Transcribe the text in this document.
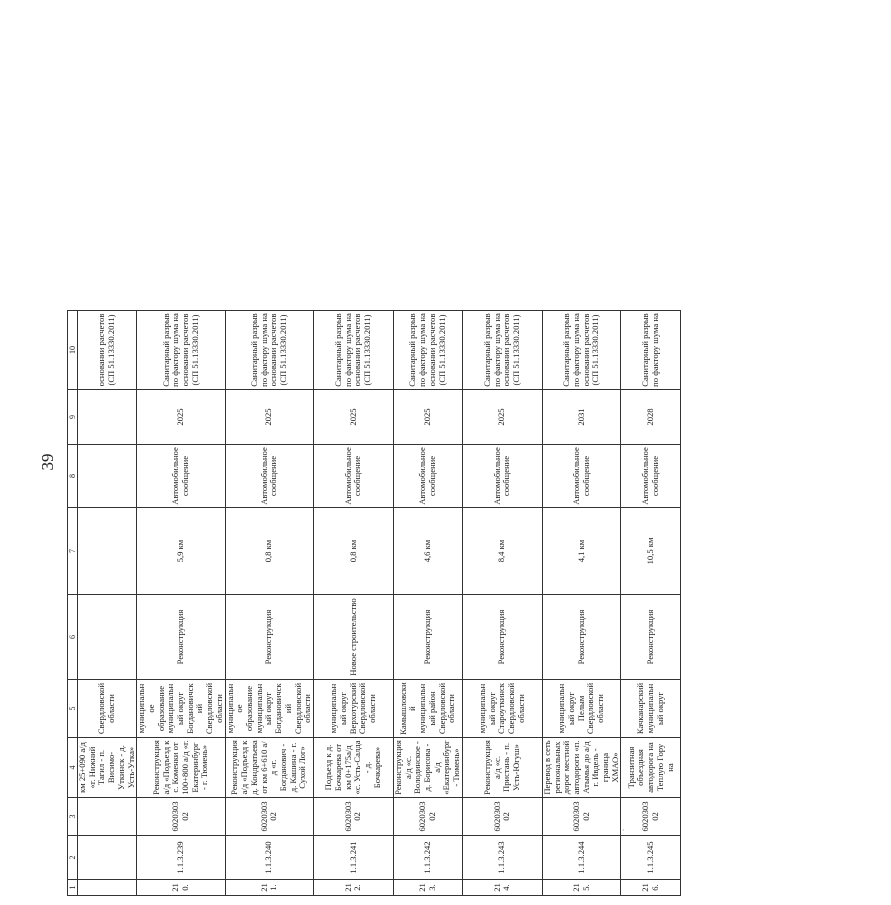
39
1	2	3	4	5	6	7	8	9	10
			км 25+090 а/д «г. Нижний Тагил - п. Висимо-Уткинск - д. Усть-Утка»	Свердловской области					основании расчетов (СП 51.13330.2011)
210.	1.1.3.239	602030302	Реконструкция а/д «Подъезд к с. Коменки от 100+800 а/д «г. Екатеринбург - г. Тюмень»	муниципальное образование муниципальный округ Богдановичский Свердловской области	Реконструкция	5,9 км	Автомобильное сообщение	2025	Санитарный разрыв по фактору шума на основании расчетов (СП 51.13330.2011)
211.	1.1.3.240	602030302	Реконструкция а/д «Подъезд к д. Кондратьева от км 6+610 а/д «г. Богданович - д. Кашина - г. Сухой Лог»	муниципальное образование муниципальный округ Богдановичский Свердловской области	Реконструкция	0,8 км	Автомобильное сообщение	2025	Санитарный разрыв по фактору шума на основании расчетов (СП 51.13330.2011)
212.	1.1.3.241	602030302	Подъезд к д. Бочкарева от км 0+175а/д «с. Усть-Салда - д. Бочкарева»	муниципальный округ Верхотурский Свердловской области	Новое строительство	0,8 км	Автомобильное сообщение	2025	Санитарный разрыв по фактору шума на основании расчетов (СП 51.13330.2011)
213.	1.1.3.242	602030302	Реконструкция а/д «с. Володинское - д. Борисова - а/д «Екатеринбург - Тюмень»	Камышловский муниципальный район Свердловской области	Реконструкция	4,6 км	Автомобильное сообщение	2025	Санитарный разрыв по фактору шума на основании расчетов (СП 51.13330.2011)
214.	1.1.3.243	602030302	Реконструкция а/д «с. Пристань - п. Усть-Югуш»	муниципальный округ Староуткинск Свердловской области	Реконструкция	8,4 км	Автомобильное сообщение	2025	Санитарный разрыв по фактору шума на основании расчетов (СП 51.13330.2011)
215.	1.1.3.244	602030302	Перевод в сеть региональных дорог местной автодороги «п. Атымья до а/д г. Ивдель - граница ХМАО»	муниципальный округ Пелым Свердловской области	Реконструкция	4,1 км	Автомобильное сообщение	2031	Санитарный разрыв по фактору шума на основании расчетов (СП 51.13330.2011)
216.	1.1.3.245	602030302	Транзитная объездная автодорога на Теплую Гору на	Качканарский муниципальный округ	Реконструкция	10,5 км	Автомобильное сообщение	2028	Санитарный разрыв по фактору шума на
·
